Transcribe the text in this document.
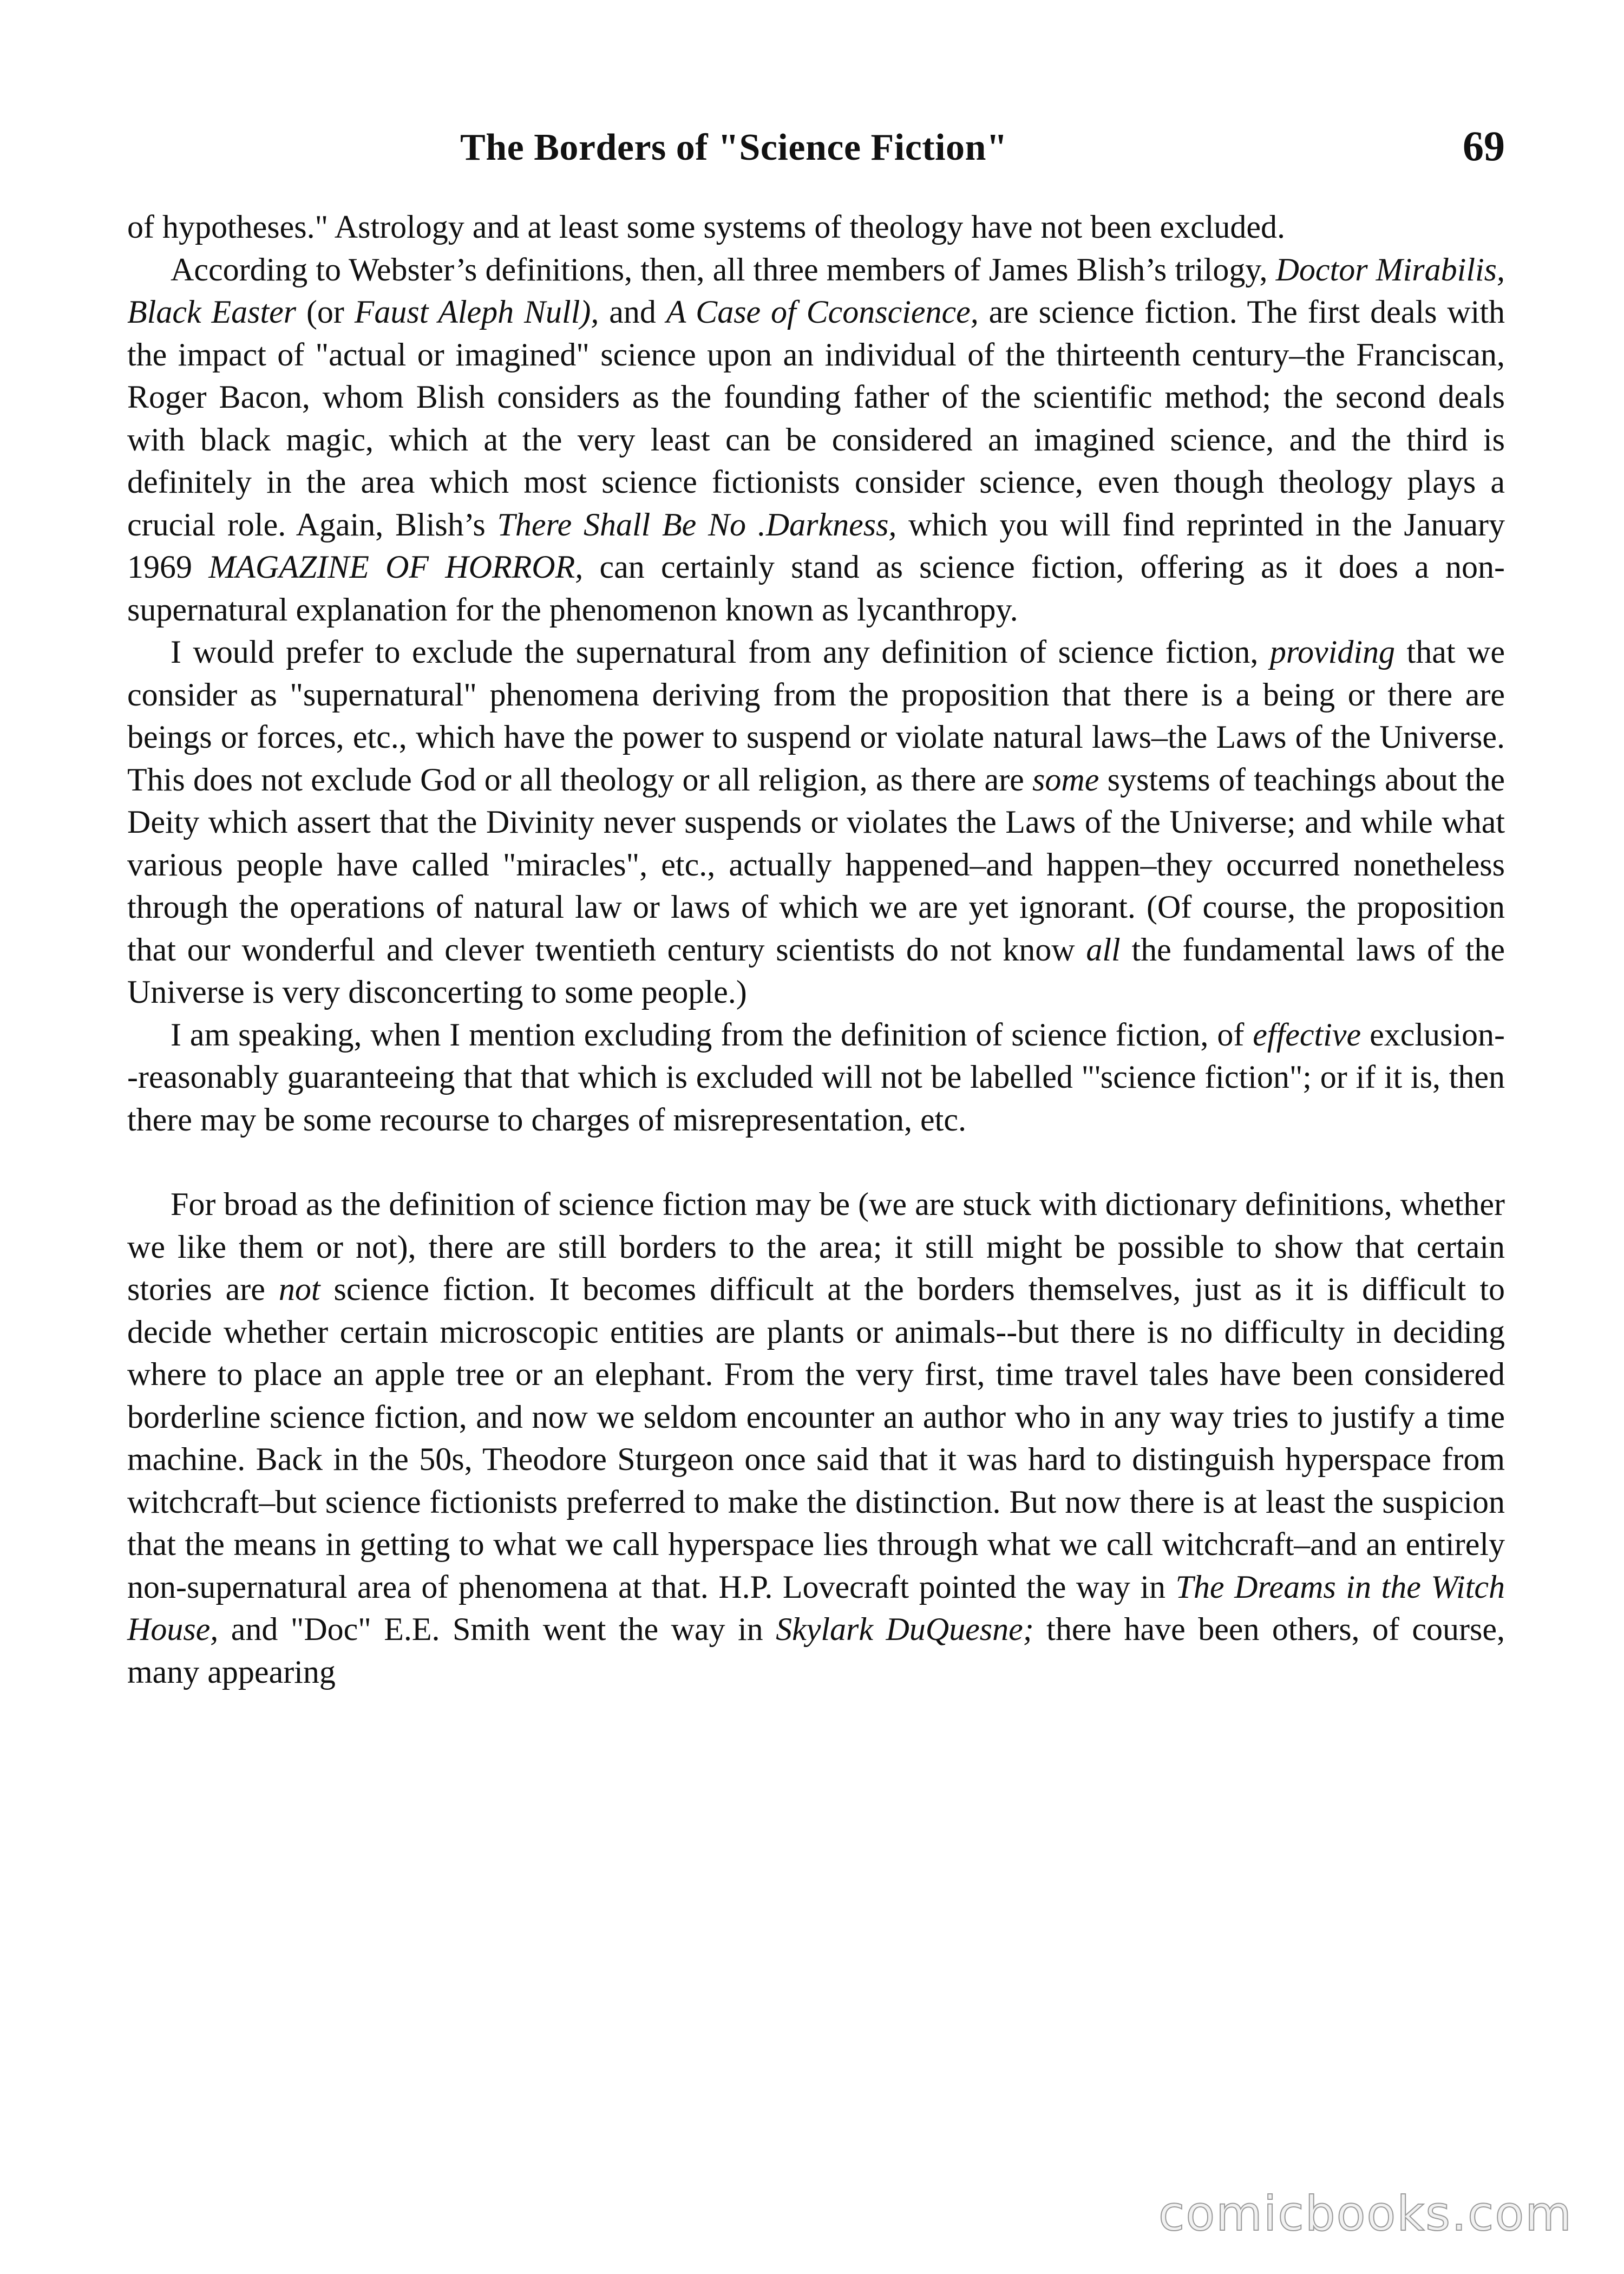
The Borders of "Science Fiction"	69

of hypotheses." Astrology and at least some systems of theology have not been excluded.

According to Webster’s definitions, then, all three members of James Blish’s trilogy, Doctor Mirabilis, Black Easter (or Faust Aleph Null), and A Case of Cconscience, are science fiction. The first deals with the impact of "actual or imagined" science upon an individual of the thirteenth century–the Franciscan, Roger Bacon, whom Blish considers as the founding father of the scientific method; the second deals with black magic, which at the very least can be considered an imagined science, and the third is definitely in the area which most science fictionists consider science, even though theology plays a crucial role. Again, Blish’s There Shall Be No .Darkness, which you will find reprinted in the January 1969 MAGAZINE OF HORROR, can certainly stand as science fiction, offering as it does a non-supernatural explanation for the phenomenon known as lycanthropy.

I would prefer to exclude the supernatural from any definition of science fiction, providing that we consider as "supernatural" phenomena deriving from the proposition that there is a being or there are beings or forces, etc., which have the power to suspend or violate natural laws–the Laws of the Universe. This does not exclude God or all theology or all religion, as there are some systems of teachings about the Deity which assert that the Divinity never suspends or violates the Laws of the Universe; and while what various people have called "miracles", etc., actually happened–and happen–they occurred nonetheless through the operations of natural law or laws of which we are yet ignorant. (Of course, the proposition that our wonderful and clever twentieth century scientists do not know all the fundamental laws of the Universe is very disconcerting to some people.)

I am speaking, when I mention excluding from the definition of science fiction, of effective exclusion--reasonably guaranteeing that that which is excluded will not be labelled "'science fiction"; or if it is, then there may be some recourse to charges of misrepresentation, etc.

For broad as the definition of science fiction may be (we are stuck with dictionary definitions, whether we like them or not), there are still borders to the area; it still might be possible to show that certain stories are not science fiction. It becomes difficult at the borders themselves, just as it is difficult to decide whether certain microscopic entities are plants or animals--but there is no difficulty in deciding where to place an apple tree or an elephant. From the very first, time travel tales have been considered borderline science fiction, and now we seldom encounter an author who in any way tries to justify a time machine. Back in the 50s, Theodore Sturgeon once said that it was hard to distinguish hyperspace from witchcraft–but science fictionists preferred to make the distinction. But now there is at least the suspicion that the means in getting to what we call hyperspace lies through what we call witchcraft–and an entirely non-supernatural area of phenomena at that. H.P. Lovecraft pointed the way in The Dreams in the Witch House, and "Doc" E.E. Smith went the way in Skylark DuQuesne; there have been others, of course, many appearing

comicbooks.com
